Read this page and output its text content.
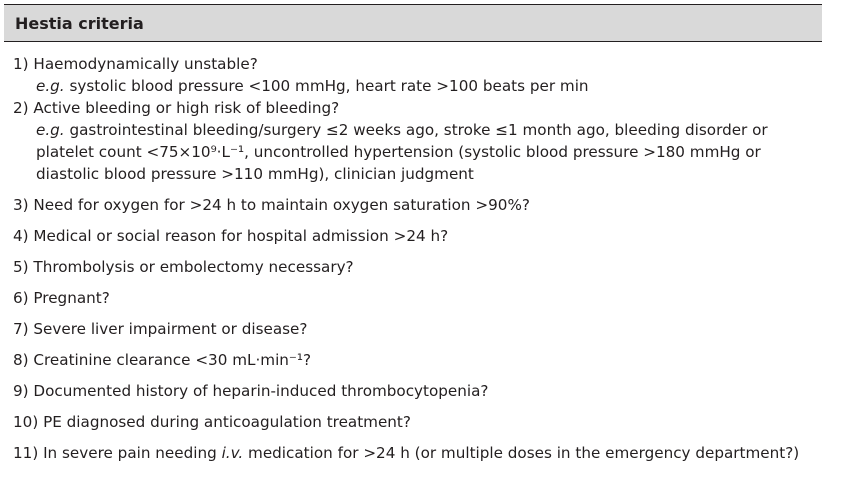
Hestia criteria
1) Haemodynamically unstable?
e.g. systolic blood pressure <100 mmHg, heart rate >100 beats per min
2) Active bleeding or high risk of bleeding?
e.g. gastrointestinal bleeding/surgery ≤2 weeks ago, stroke ≤1 month ago, bleeding disorder or
platelet count <75×10⁹·L⁻¹, uncontrolled hypertension (systolic blood pressure >180 mmHg or
diastolic blood pressure >110 mmHg), clinician judgment
3) Need for oxygen for >24 h to maintain oxygen saturation >90%?
4) Medical or social reason for hospital admission >24 h?
5) Thrombolysis or embolectomy necessary?
6) Pregnant?
7) Severe liver impairment or disease?
8) Creatinine clearance <30 mL·min⁻¹?
9) Documented history of heparin-induced thrombocytopenia?
10) PE diagnosed during anticoagulation treatment?
11) In severe pain needing i.v. medication for >24 h (or multiple doses in the emergency department?)
